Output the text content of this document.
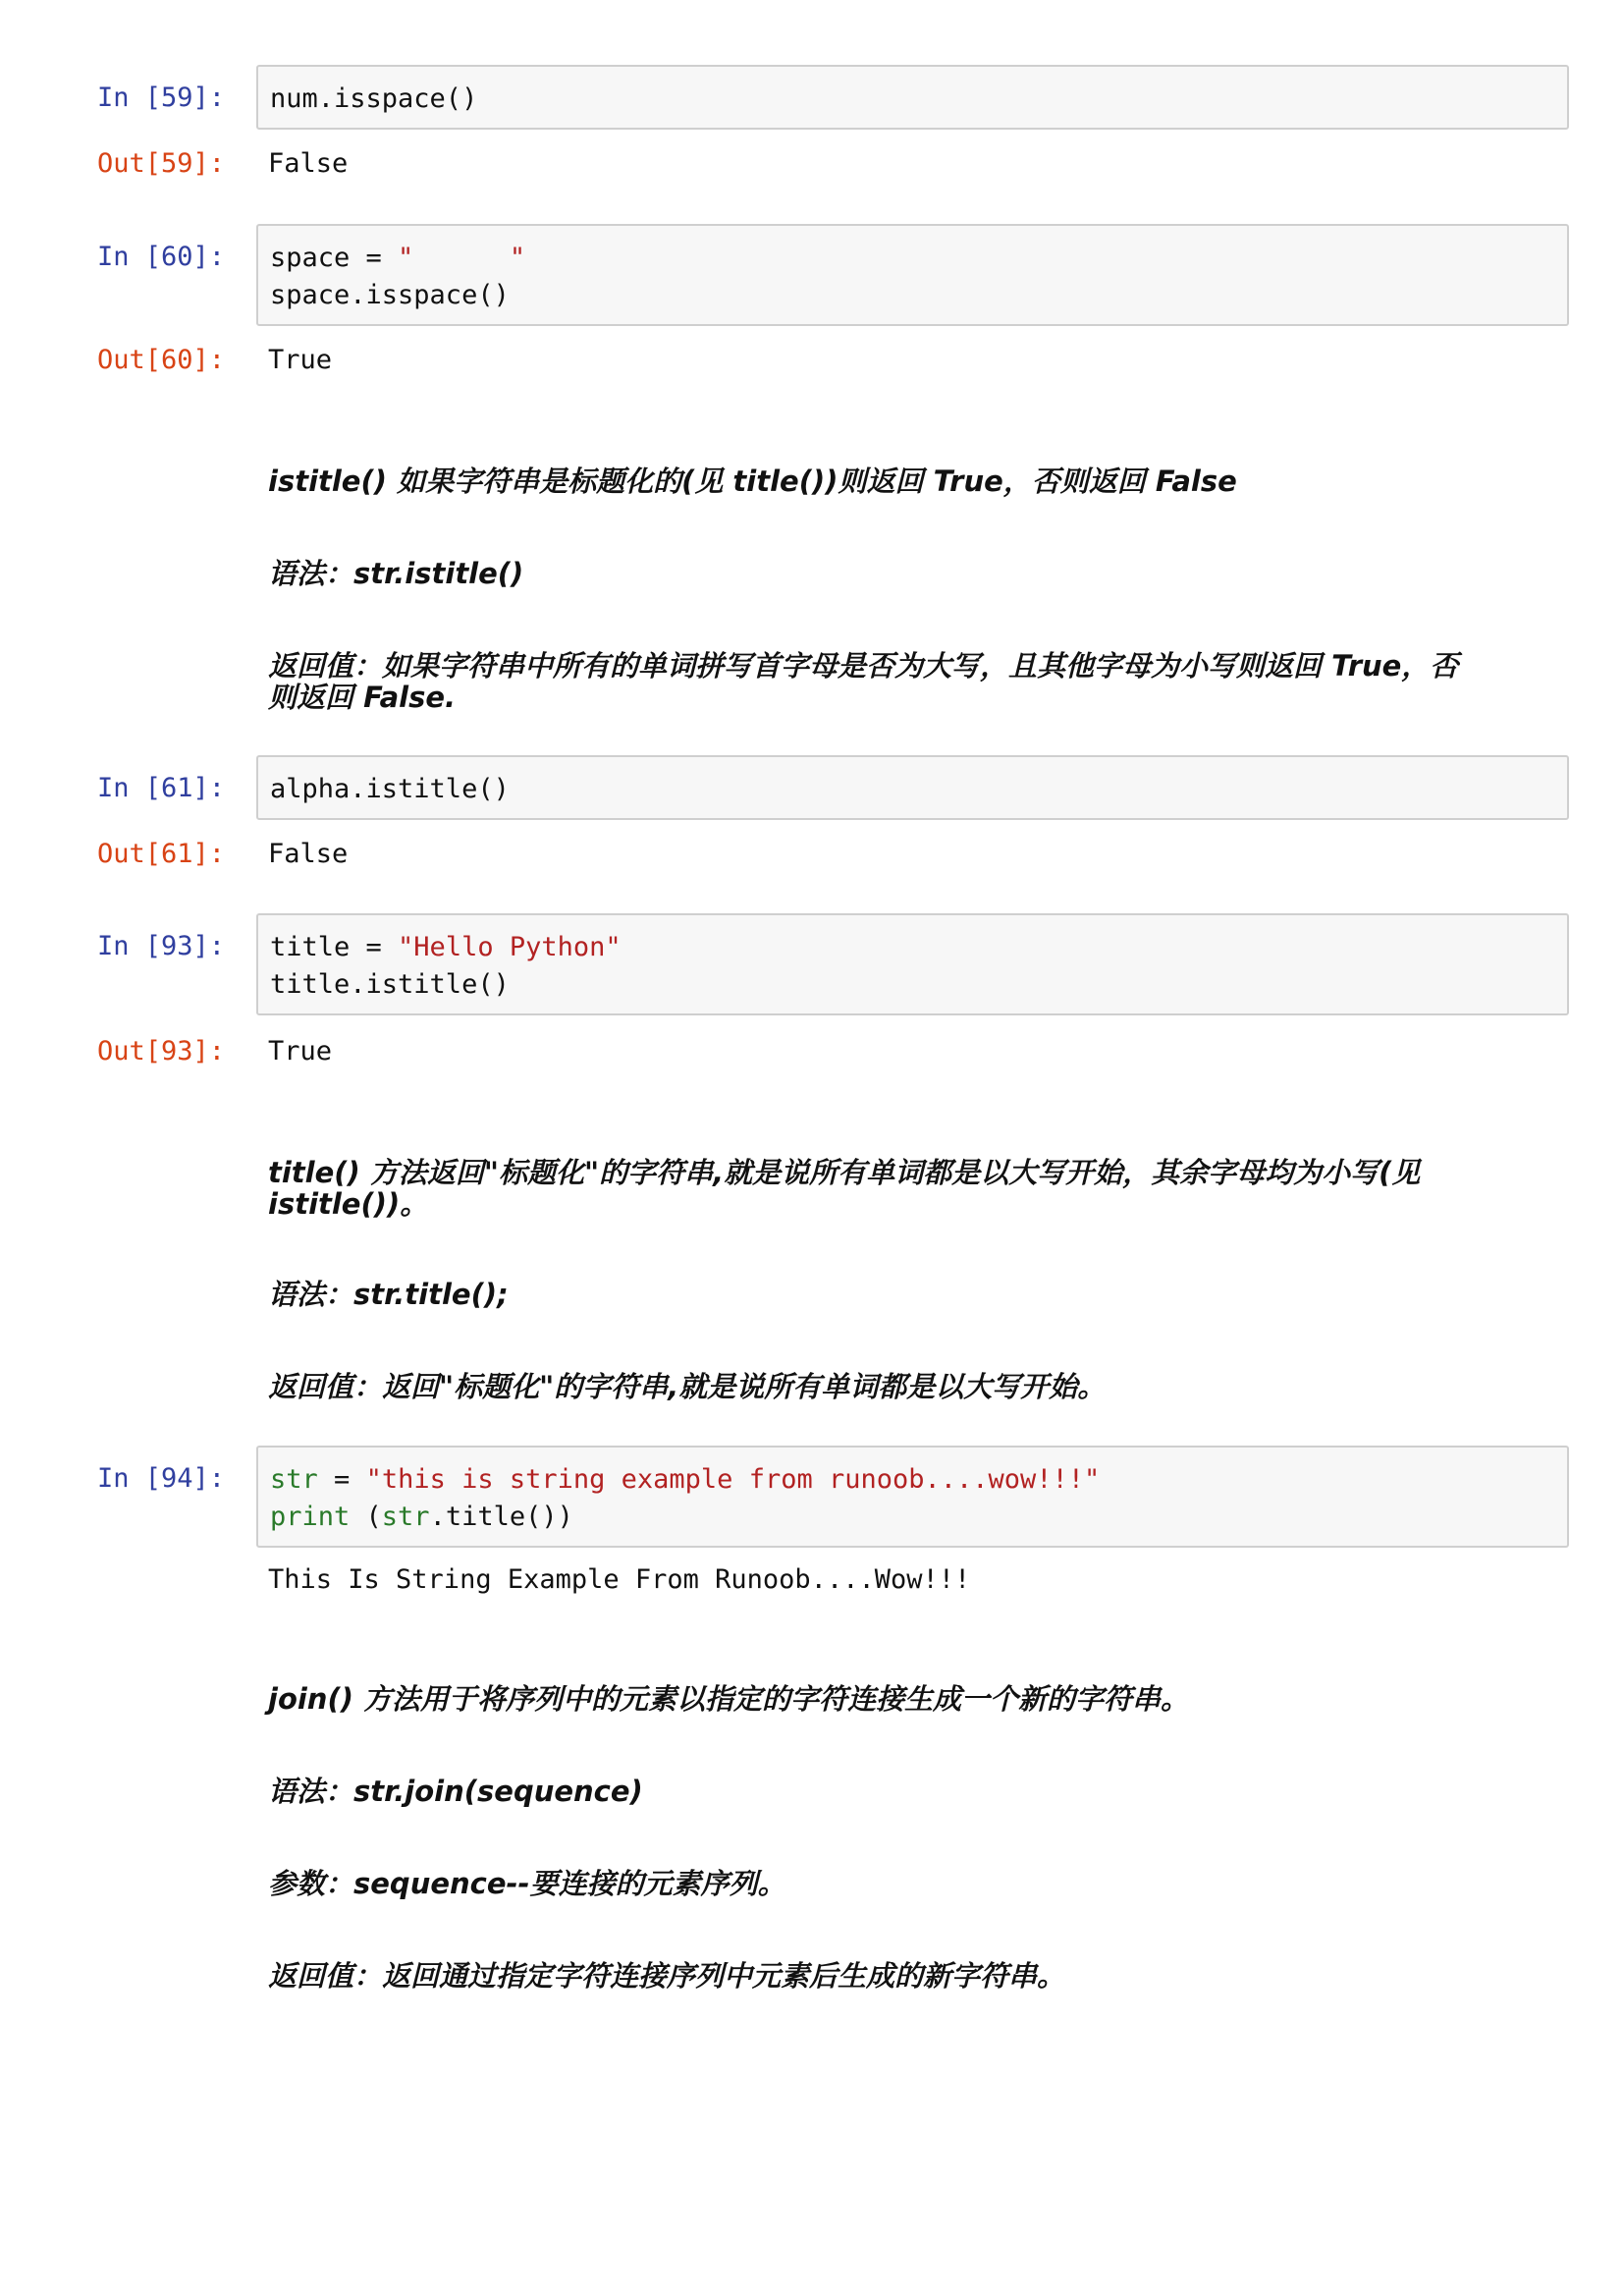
In [59]:	num.isspace()
Out[59]:	False
In [60]:	space = "      "
space.isspace()
Out[60]:	True
istitle() 如果字符串是标题化的(见 title())则返回 True，否则返回 False
语法：str.istitle()
返回值：如果字符串中所有的单词拼写首字母是否为大写，且其他字母为小写则返回 True，否
则返回 False.
In [61]:	alpha.istitle()
Out[61]:	False
In [93]:	title = "Hello Python"
title.istitle()
Out[93]:	True
title() 方法返回"标题化"的字符串,就是说所有单词都是以大写开始，其余字母均为小写(见
istitle())。
语法：str.title();
返回值：返回"标题化"的字符串,就是说所有单词都是以大写开始。
In [94]:	str = "this is string example from runoob....wow!!!"
print (str.title())
This Is String Example From Runoob....Wow!!!
join() 方法用于将序列中的元素以指定的字符连接生成一个新的字符串。
语法：str.join(sequence)
参数：sequence--要连接的元素序列。
返回值：返回通过指定字符连接序列中元素后生成的新字符串。
